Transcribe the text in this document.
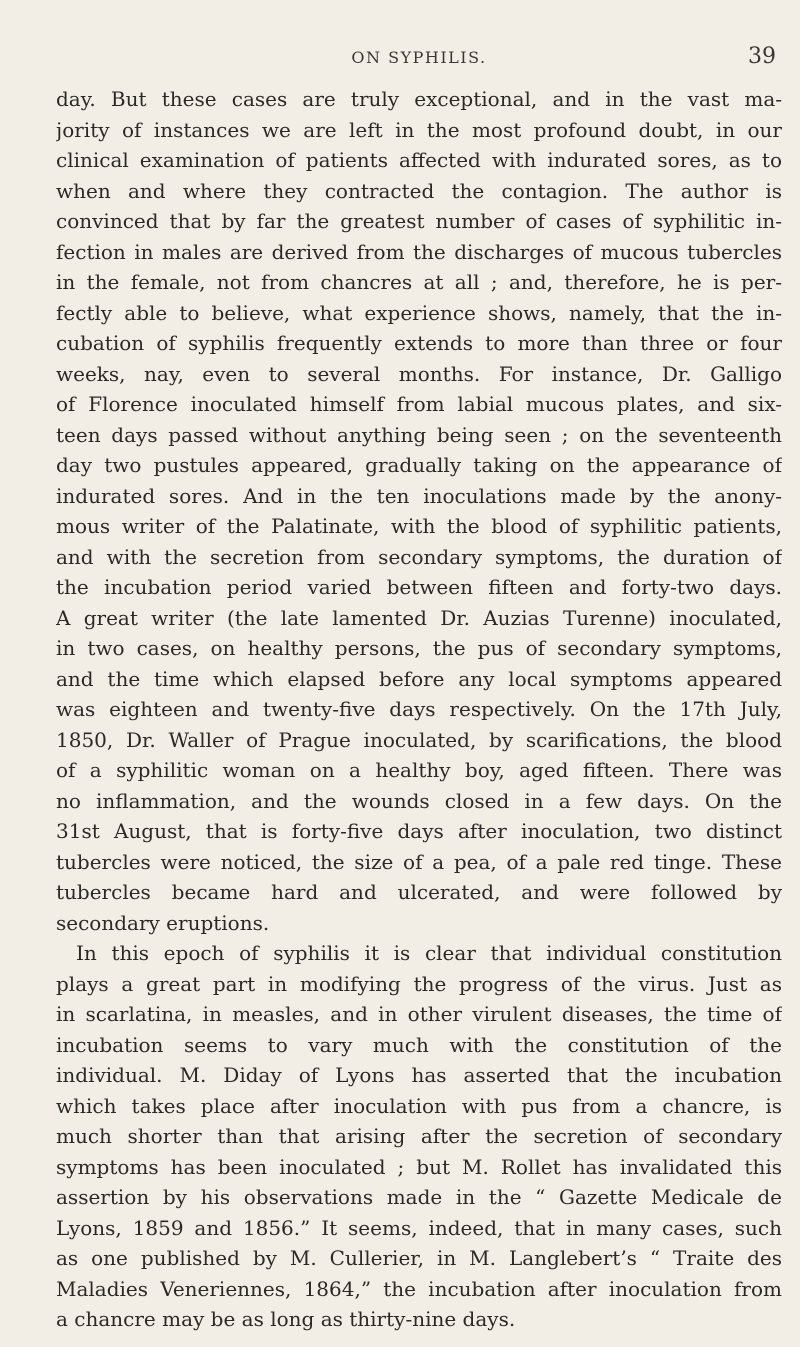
ON SYPHILIS.	39
day. But these cases are truly exceptional, and in the vast ma-
jority of instances we are left in the most profound doubt, in our
clinical examination of patients affected with indurated sores, as to
when and where they contracted the contagion. The author is
convinced that by far the greatest number of cases of syphilitic in-
fection in males are derived from the discharges of mucous tubercles
in the female, not from chancres at all ; and, therefore, he is per-
fectly able to believe, what experience shows, namely, that the in-
cubation of syphilis frequently extends to more than three or four
weeks, nay, even to several months. For instance, Dr. Galligo
of Florence inoculated himself from labial mucous plates, and six-
teen days passed without anything being seen ; on the seventeenth
day two pustules appeared, gradually taking on the appearance of
indurated sores. And in the ten inoculations made by the anony-
mous writer of the Palatinate, with the blood of syphilitic patients,
and with the secretion from secondary symptoms, the duration of
the incubation period varied between fifteen and forty-two days.
A great writer (the late lamented Dr. Auzias Turenne) inoculated,
in two cases, on healthy persons, the pus of secondary symptoms,
and the time which elapsed before any local symptoms appeared
was eighteen and twenty-five days respectively. On the 17th July,
1850, Dr. Waller of Prague inoculated, by scarifications, the blood
of a syphilitic woman on a healthy boy, aged fifteen. There was
no inflammation, and the wounds closed in a few days. On the
31st August, that is forty-five days after inoculation, two distinct
tubercles were noticed, the size of a pea, of a pale red tinge. These
tubercles became hard and ulcerated, and were followed by
secondary eruptions.
In this epoch of syphilis it is clear that individual constitution
plays a great part in modifying the progress of the virus. Just as
in scarlatina, in measles, and in other virulent diseases, the time of
incubation seems to vary much with the constitution of the
individual. M. Diday of Lyons has asserted that the incubation
which takes place after inoculation with pus from a chancre, is
much shorter than that arising after the secretion of secondary
symptoms has been inoculated ; but M. Rollet has invalidated this
assertion by his observations made in the “ Gazette Medicale de
Lyons, 1859 and 1856.” It seems, indeed, that in many cases, such
as one published by M. Cullerier, in M. Langlebert’s “ Traite des
Maladies Veneriennes, 1864,” the incubation after inoculation from
a chancre may be as long as thirty-nine days.
